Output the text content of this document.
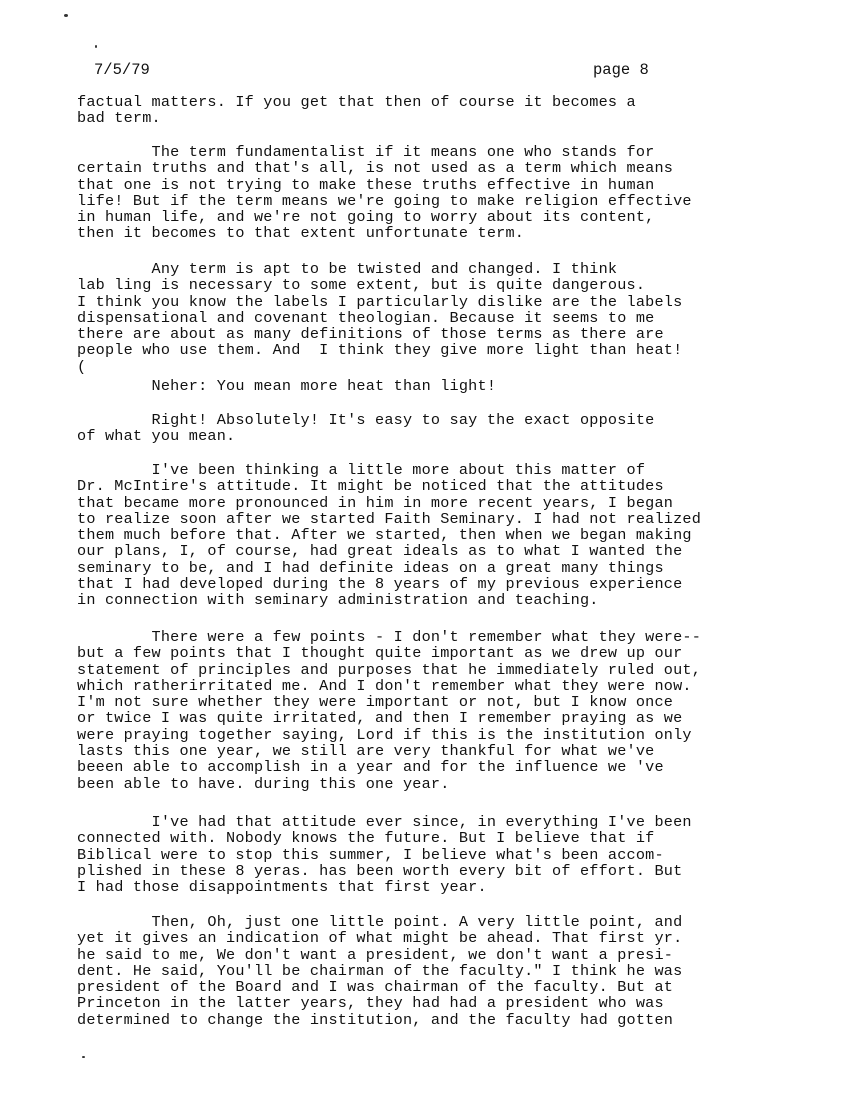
7/5/79	page 8
factual matters. If you get that then of course it becomes a
bad term.
The term fundamentalist if it means one who stands for
certain truths and that's all, is not used as a term which means
that one is not trying to make these truths effective in human
life! But if the term means we're going to make religion effective
in human life, and we're not going to worry about its content,
then it becomes to that extent unfortunate term.
Any term is apt to be twisted and changed. I think
lab ling is necessary to some extent, but is quite dangerous.
I think you know the labels I particularly dislike are the labels
dispensational and covenant theologian. Because it seems to me
there are about as many definitions of those terms as there are
people who use them. And  I think they give more light than heat!
(
Neher: You mean more heat than light!
Right! Absolutely! It's easy to say the exact opposite
of what you mean.
I've been thinking a little more about this matter of
Dr. McIntire's attitude. It might be noticed that the attitudes
that became more pronounced in him in more recent years, I began
to realize soon after we started Faith Seminary. I had not realized
them much before that. After we started, then when we began making
our plans, I, of course, had great ideals as to what I wanted the
seminary to be, and I had definite ideas on a great many things
that I had developed during the 8 years of my previous experience
in connection with seminary administration and teaching.
There were a few points - I don't remember what they were--
but a few points that I thought quite important as we drew up our
statement of principles and purposes that he immediately ruled out,
which ratherirritated me. And I don't remember what they were now.
I'm not sure whether they were important or not, but I know once
or twice I was quite irritated, and then I remember praying as we
were praying together saying, Lord if this is the institution only
lasts this one year, we still are very thankful for what we've
beeen able to accomplish in a year and for the influence we 've
been able to have. during this one year.
I've had that attitude ever since, in everything I've been
connected with. Nobody knows the future. But I believe that if
Biblical were to stop this summer, I believe what's been accom-
plished in these 8 yeras. has been worth every bit of effort. But
I had those disappointments that first year.
Then, Oh, just one little point. A very little point, and
yet it gives an indication of what might be ahead. That first yr.
he said to me, We don't want a president, we don't want a presi-
dent. He said, You'll be chairman of the faculty." I think he was
president of the Board and I was chairman of the faculty. But at
Princeton in the latter years, they had had a president who was
determined to change the institution, and the faculty had gotten
